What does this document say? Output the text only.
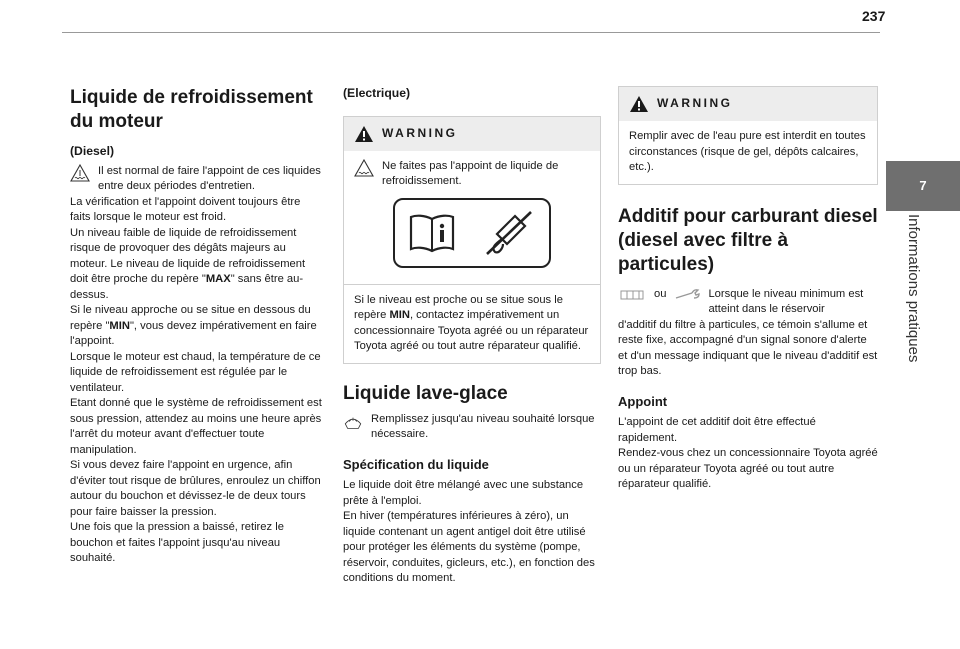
237
7
Informations pratiques
Liquide de refroidissement du moteur
(Diesel)

Il est normal de faire l'appoint de ces liquides entre deux périodes d'entretien.

La vérification et l'appoint doivent toujours être faits lorsque le moteur est froid.

Un niveau faible de liquide de refroidissement risque de provoquer des dégâts majeurs au moteur. Le niveau de liquide de refroidissement doit être proche du repère "MAX" sans être au-dessus.

Si le niveau approche ou se situe en dessous du repère "MIN", vous devez impérativement en faire l'appoint.

Lorsque le moteur est chaud, la température de ce liquide de refroidissement est régulée par le ventilateur.

Etant donné que le système de refroidissement est sous pression, attendez au moins une heure après l'arrêt du moteur avant d'effectuer toute manipulation.

Si vous devez faire l'appoint en urgence, afin d'éviter tout risque de brûlures, enroulez un chiffon autour du bouchon et dévissez-le de deux tours pour faire baisser la pression.

Une fois que la pression a baissé, retirez le bouchon et faites l'appoint jusqu'au niveau souhaité.

(Electrique)
WARNING

Ne faites pas l'appoint de liquide de refroidissement.

Si le niveau est proche ou se situe sous le repère MIN, contactez impérativement un concessionnaire Toyota agréé ou un réparateur Toyota agréé ou tout autre réparateur qualifié.

Liquide lave-glace

Remplissez jusqu'au niveau souhaité lorsque nécessaire.

Spécification du liquide

Le liquide doit être mélangé avec une substance prête à l'emploi.

En hiver (températures inférieures à zéro), un liquide contenant un agent antigel doit être utilisé pour protéger les éléments du système (pompe, réservoir, conduites, gicleurs, etc.), en fonction des conditions du moment.

WARNING

Remplir avec de l'eau pure est interdit en toutes circonstances (risque de gel, dépôts calcaires, etc.).

Additif pour carburant diesel (diesel avec filtre à particules)
ou	Lorsque le niveau minimum est atteint dans le réservoir

d'additif du filtre à particules, ce témoin s'allume et reste fixe, accompagné d'un signal sonore d'alerte et d'un message indiquant que le niveau d'additif est trop bas.

Appoint

L'appoint de cet additif doit être effectué rapidement.

Rendez-vous chez un concessionnaire Toyota agréé ou un réparateur Toyota agréé ou tout autre réparateur qualifié.
